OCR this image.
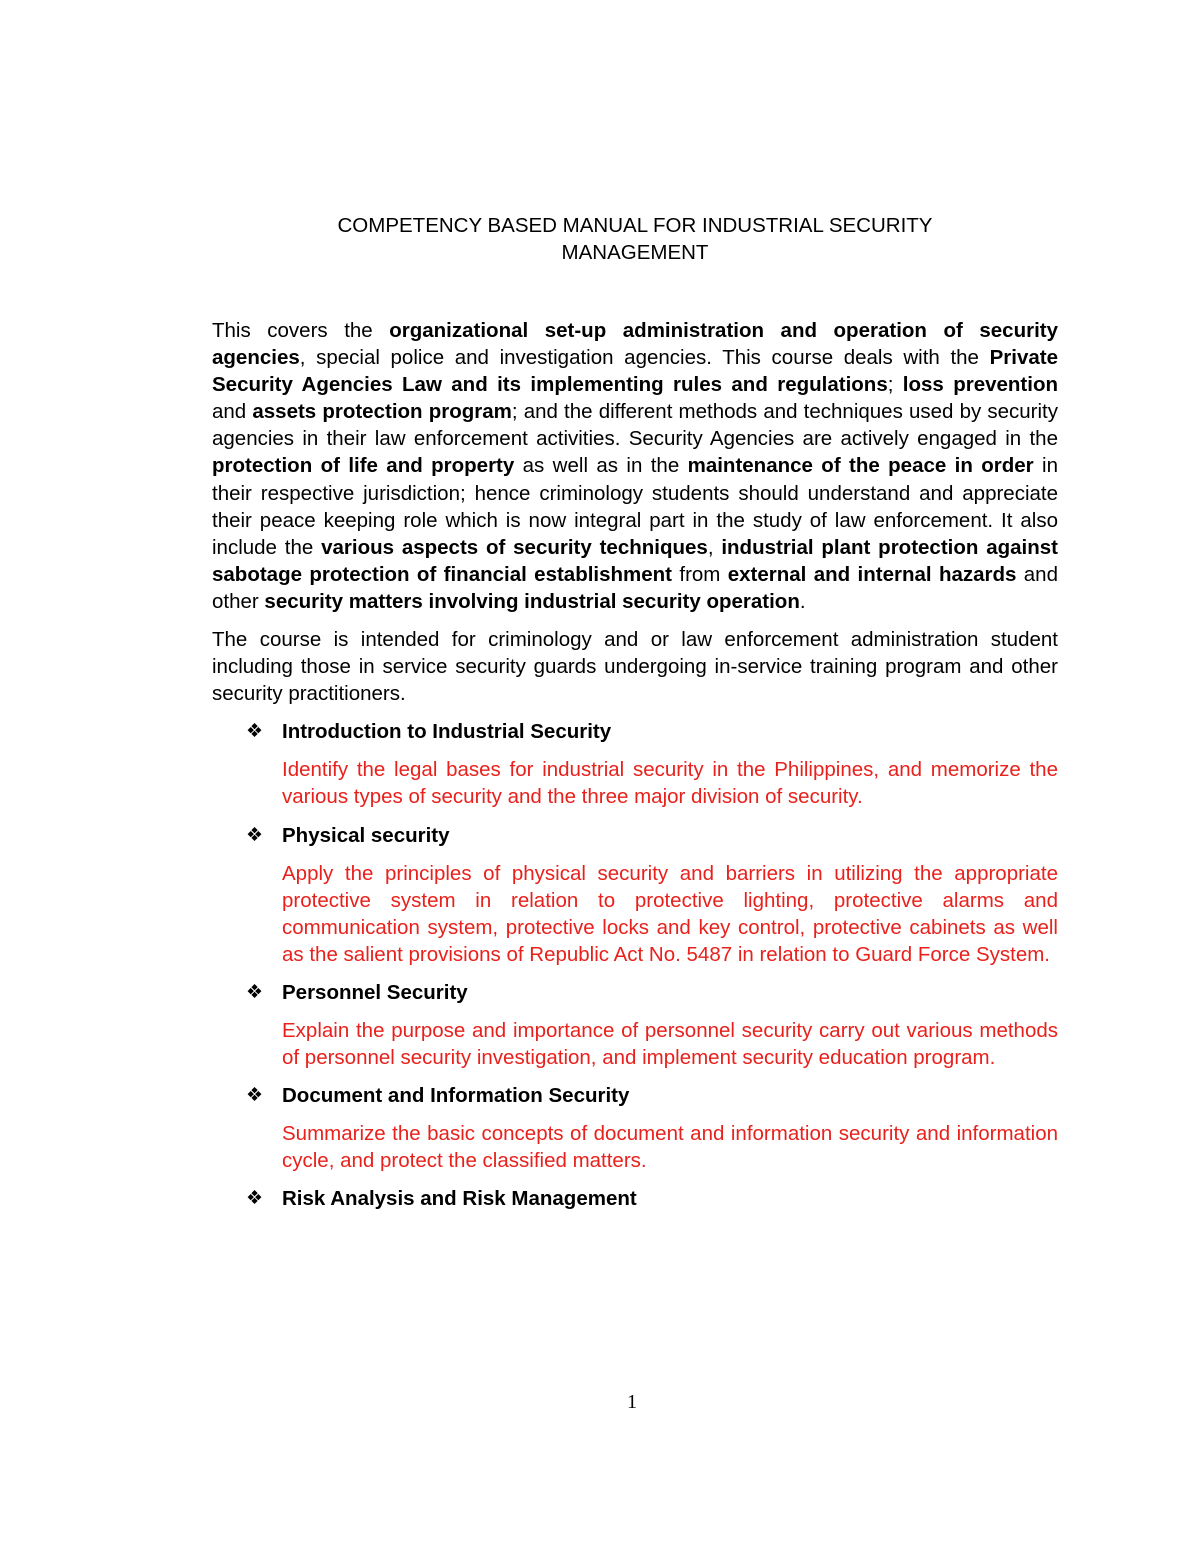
COMPETENCY BASED MANUAL FOR INDUSTRIAL SECURITY
MANAGEMENT

This covers the organizational set-up administration and operation of security agencies, special police and investigation agencies. This course deals with the Private Security Agencies Law and its implementing rules and regulations; loss prevention and assets protection program; and the different methods and techniques used by security agencies in their law enforcement activities. Security Agencies are actively engaged in the protection of life and property as well as in the maintenance of the peace in order in their respective jurisdiction; hence criminology students should understand and appreciate their peace keeping role which is now integral part in the study of law enforcement. It also include the various aspects of security techniques, industrial plant protection against sabotage protection of financial establishment from external and internal hazards and other security matters involving industrial security operation.

The course is intended for criminology and or law enforcement administration student including those in service security guards undergoing in-service training program and other security practitioners.

❖ Introduction to Industrial Security

Identify the legal bases for industrial security in the Philippines, and memorize the various types of security and the three major division of security.

❖ Physical security

Apply the principles of physical security and barriers in utilizing the appropriate protective system in relation to protective lighting, protective alarms and communication system, protective locks and key control, protective cabinets as well as the salient provisions of Republic Act No. 5487 in relation to Guard Force System.

❖ Personnel Security

Explain the purpose and importance of personnel security carry out various methods of personnel security investigation, and implement security education program.

❖ Document and Information Security

Summarize the basic concepts of document and information security and information cycle, and protect the classified matters.

❖ Risk Analysis and Risk Management
1
